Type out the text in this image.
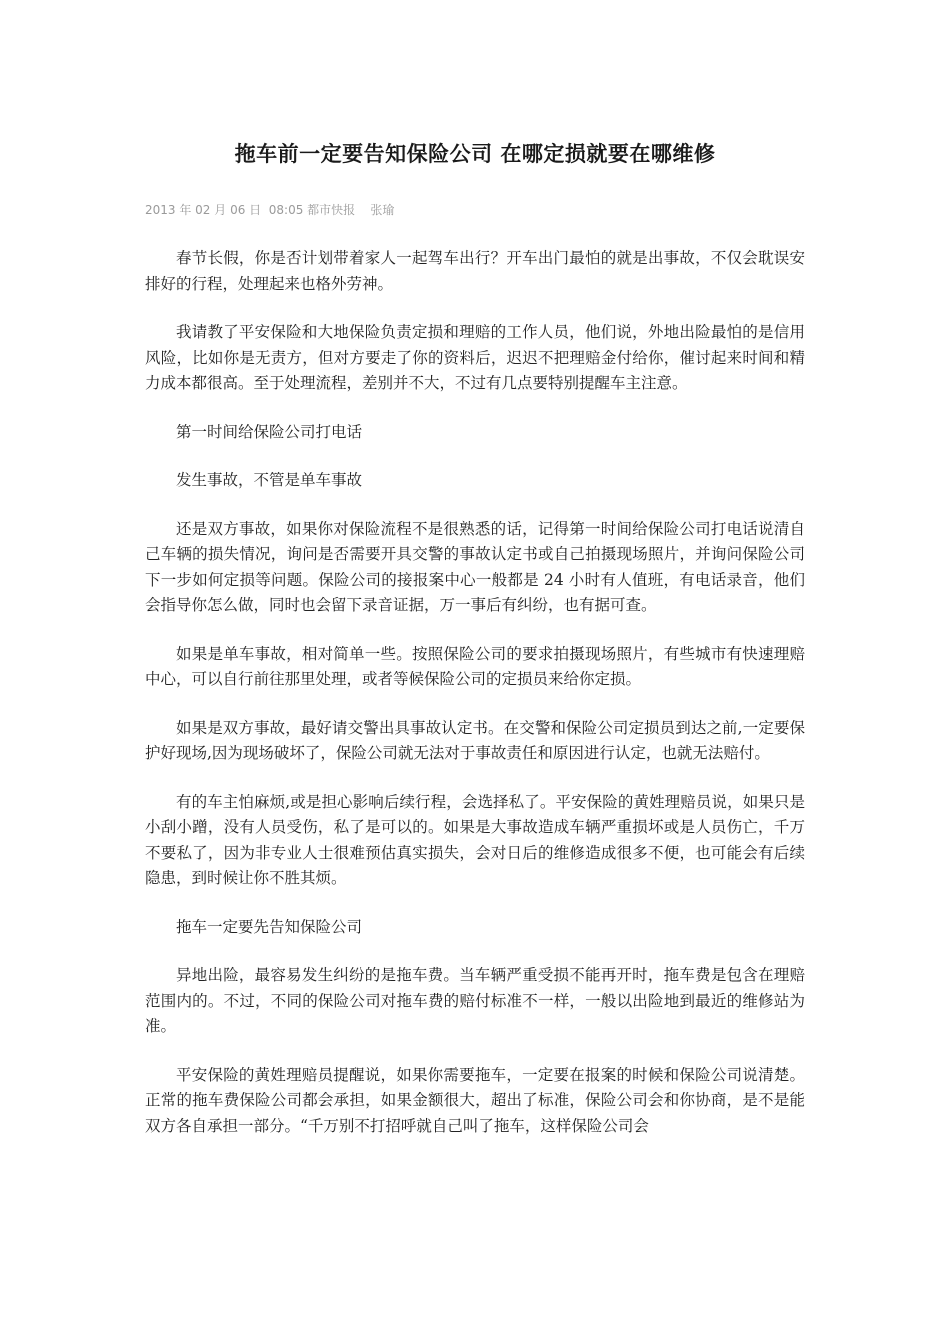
拖车前一定要告知保险公司 在哪定损就要在哪维修
2013 年 02 月 06 日  08:05 都市快报    张瑜

春节长假，你是否计划带着家人一起驾车出行？开车出门最怕的就是出事故，不仅会耽误安排好的行程，处理起来也格外劳神。

我请教了平安保险和大地保险负责定损和理赔的工作人员，他们说，外地出险最怕的是信用风险，比如你是无责方，但对方要走了你的资料后，迟迟不把理赔金付给你，催讨起来时间和精力成本都很高。至于处理流程，差别并不大，不过有几点要特别提醒车主注意。

第一时间给保险公司打电话

发生事故，不管是单车事故

还是双方事故，如果你对保险流程不是很熟悉的话，记得第一时间给保险公司打电话说清自己车辆的损失情况，询问是否需要开具交警的事故认定书或自己拍摄现场照片，并询问保险公司下一步如何定损等问题。保险公司的接报案中心一般都是 24 小时有人值班，有电话录音，他们会指导你怎么做，同时也会留下录音证据，万一事后有纠纷，也有据可查。

如果是单车事故，相对简单一些。按照保险公司的要求拍摄现场照片，有些城市有快速理赔中心，可以自行前往那里处理，或者等候保险公司的定损员来给你定损。

如果是双方事故，最好请交警出具事故认定书。在交警和保险公司定损员到达之前,一定要保护好现场,因为现场破坏了，保险公司就无法对于事故责任和原因进行认定，也就无法赔付。

有的车主怕麻烦,或是担心影响后续行程，会选择私了。平安保险的黄姓理赔员说，如果只是小刮小蹭，没有人员受伤，私了是可以的。如果是大事故造成车辆严重损坏或是人员伤亡，千万不要私了，因为非专业人士很难预估真实损失，会对日后的维修造成很多不便，也可能会有后续隐患，到时候让你不胜其烦。

拖车一定要先告知保险公司

异地出险，最容易发生纠纷的是拖车费。当车辆严重受损不能再开时，拖车费是包含在理赔范围内的。不过，不同的保险公司对拖车费的赔付标准不一样，一般以出险地到最近的维修站为准。

平安保险的黄姓理赔员提醒说，如果你需要拖车，一定要在报案的时候和保险公司说清楚。正常的拖车费保险公司都会承担，如果金额很大，超出了标准，保险公司会和你协商，是不是能双方各自承担一部分。“千万别不打招呼就自己叫了拖车，这样保险公司会
